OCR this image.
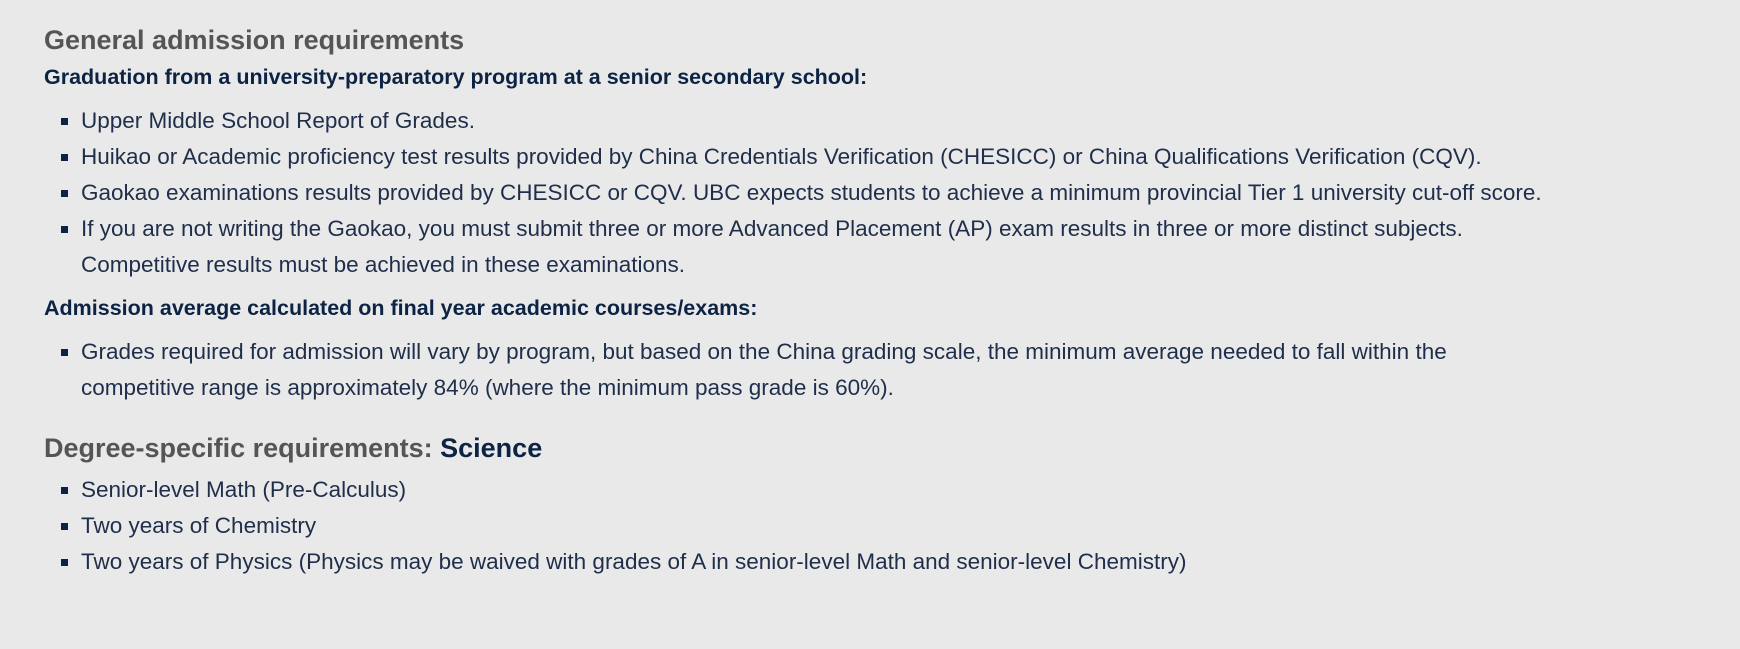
General admission requirements
Graduation from a university-preparatory program at a senior secondary school:
Upper Middle School Report of Grades.
Huikao or Academic proficiency test results provided by China Credentials Verification (CHESICC) or China Qualifications Verification (CQV).
Gaokao examinations results provided by CHESICC or CQV. UBC expects students to achieve a minimum provincial Tier 1 university cut-off score.
If you are not writing the Gaokao, you must submit three or more Advanced Placement (AP) exam results in three or more distinct subjects.
Competitive results must be achieved in these examinations.
Admission average calculated on final year academic courses/exams:
Grades required for admission will vary by program, but based on the China grading scale, the minimum average needed to fall within the
competitive range is approximately 84% (where the minimum pass grade is 60%).
Degree-specific requirements: Science
Senior-level Math (Pre-Calculus)
Two years of Chemistry
Two years of Physics (Physics may be waived with grades of A in senior-level Math and senior-level Chemistry)
